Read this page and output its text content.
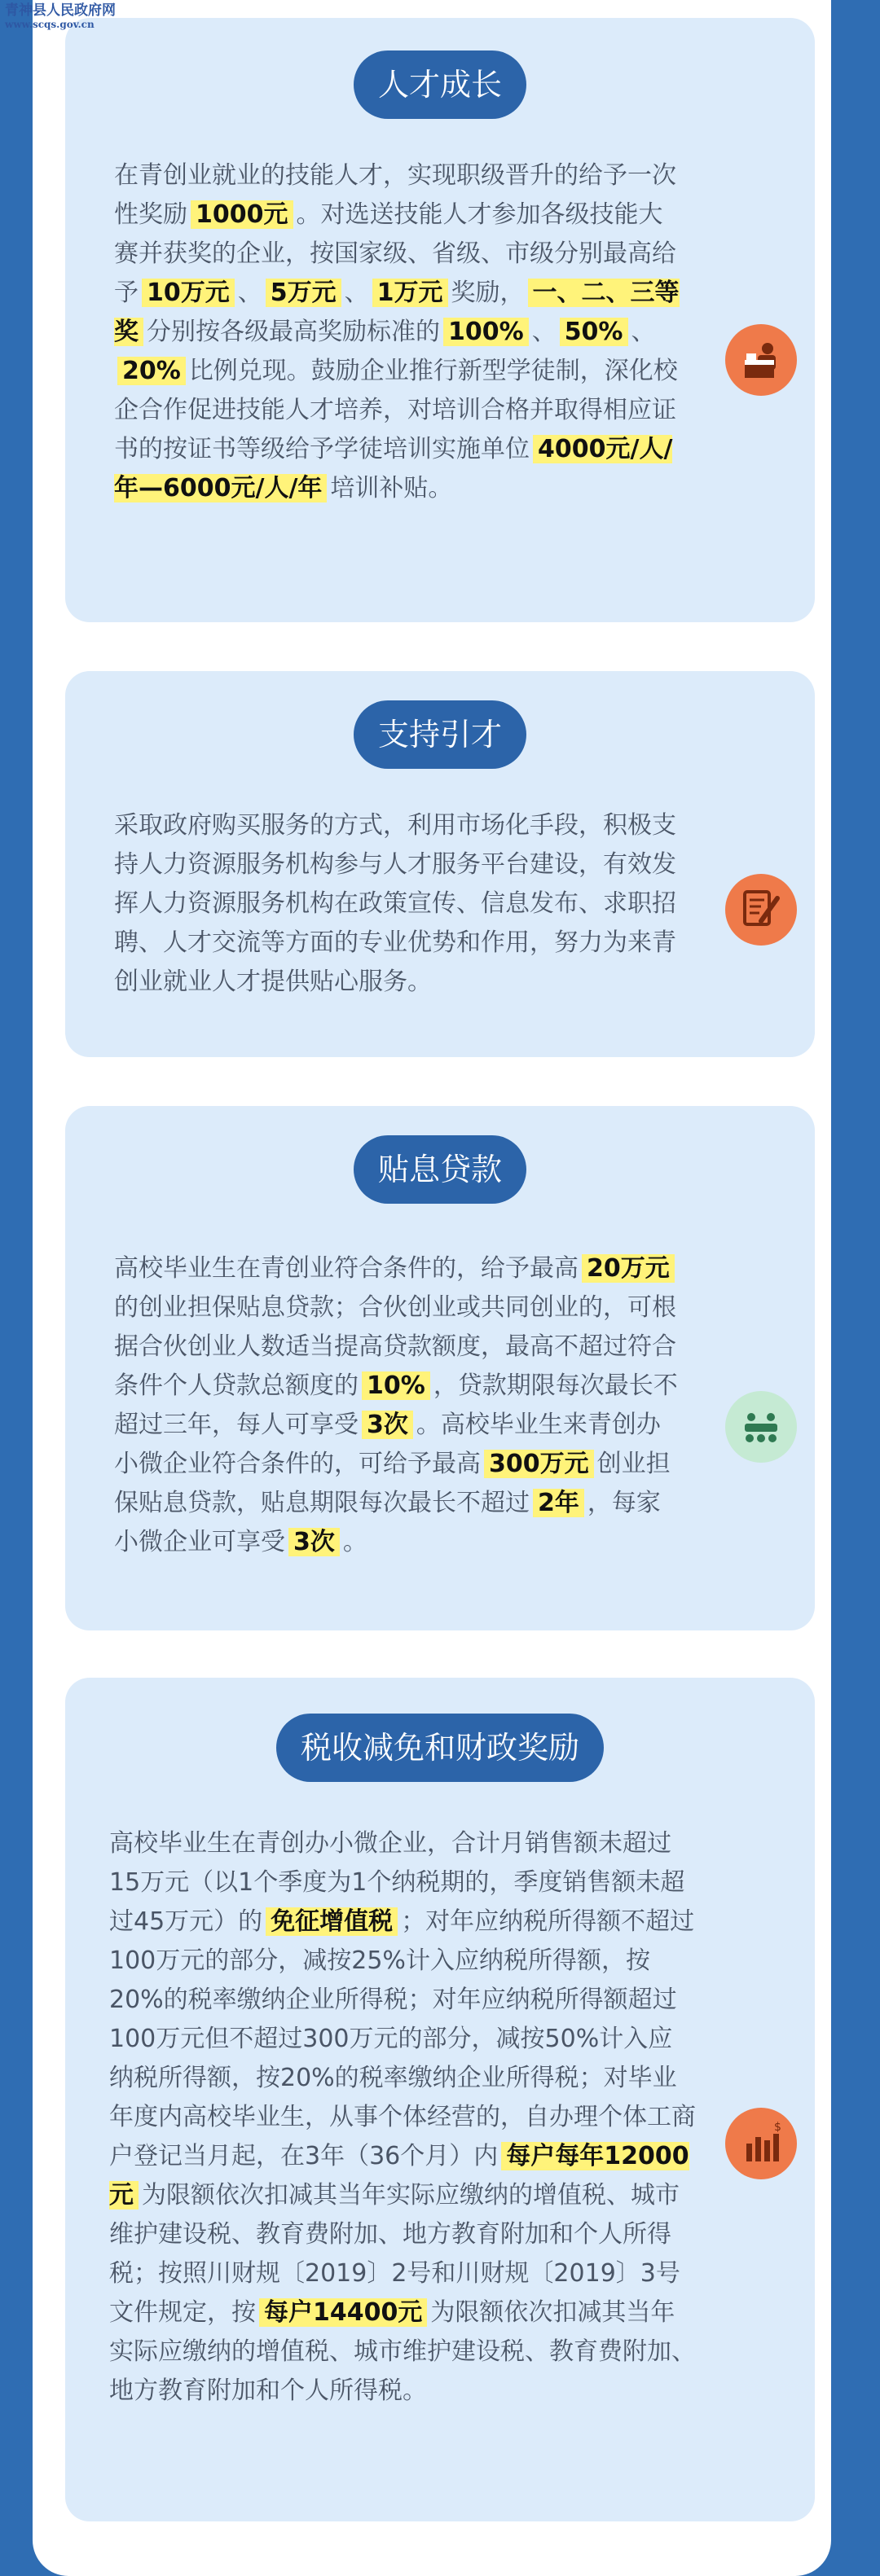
青神县人民政府网
www.scqs.gov.cn
人才成长
在青创业就业的技能人才，实现职级晋升的给予一次性奖励 1000元 。对选送技能人才参加各级技能大赛并获奖的企业，按国家级、省级、市级分别最高给予 10万元 、 5万元 、 1万元 奖励， 一、二、三等奖 分别按各级最高奖励标准的 100% 、 50% 、20% 比例兑现。鼓励企业推行新型学徒制，深化校企合作促进技能人才培养，对培训合格并取得相应证书的按证书等级给予学徒培训实施单位 4000元/人/年—6000元/人/年 培训补贴。
支持引才
采取政府购买服务的方式，利用市场化手段，积极支持人力资源服务机构参与人才服务平台建设，有效发挥人力资源服务机构在政策宣传、信息发布、求职招聘、人才交流等方面的专业优势和作用，努力为来青创业就业人才提供贴心服务。
贴息贷款
高校毕业生在青创业符合条件的，给予最高 20万元的创业担保贴息贷款；合伙创业或共同创业的，可根据合伙创业人数适当提高贷款额度，最高不超过符合条件个人贷款总额度的 10% ，贷款期限每次最长不超过三年，每人可享受 3次 。高校毕业生来青创办小微企业符合条件的，可给予最高 300万元 创业担保贴息贷款，贴息期限每次最长不超过 2年 ，每家小微企业可享受 3次 。
税收减免和财政奖励
高校毕业生在青创办小微企业，合计月销售额未超过15万元（以1个季度为1个纳税期的，季度销售额未超过45万元）的 免征增值税 ；对年应纳税所得额不超过100万元的部分，减按25%计入应纳税所得额，按20%的税率缴纳企业所得税；对年应纳税所得额超过100万元但不超过300万元的部分，减按50%计入应纳税所得额，按20%的税率缴纳企业所得税；对毕业年度内高校毕业生，从事个体经营的，自办理个体工商户登记当月起，在3年（36个月）内 每户每年12000元 为限额依次扣减其当年实际应缴纳的增值税、城市维护建设税、教育费附加、地方教育附加和个人所得税；按照川财规〔2019〕2号和川财规〔2019〕3号文件规定，按 每户14400元 为限额依次扣减其当年实际应缴纳的增值税、城市维护建设税、教育费附加、地方教育附加和个人所得税。
$
